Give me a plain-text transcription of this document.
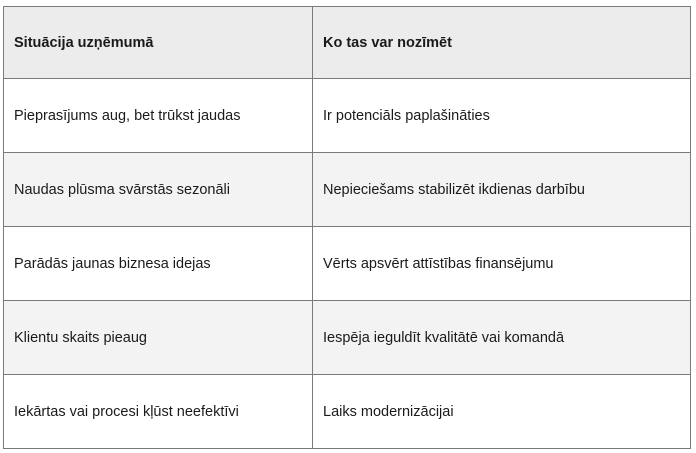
Situācija uzņēmumā	Ko tas var nozīmēt
Pieprasījums aug, bet trūkst jaudas	Ir potenciāls paplašināties
Naudas plūsma svārstās sezonāli	Nepieciešams stabilizēt ikdienas darbību
Parādās jaunas biznesa idejas	Vērts apsvērt attīstības finansējumu
Klientu skaits pieaug	Iespēja ieguldīt kvalitātē vai komandā
Iekārtas vai procesi kļūst neefektīvi	Laiks modernizācijai
